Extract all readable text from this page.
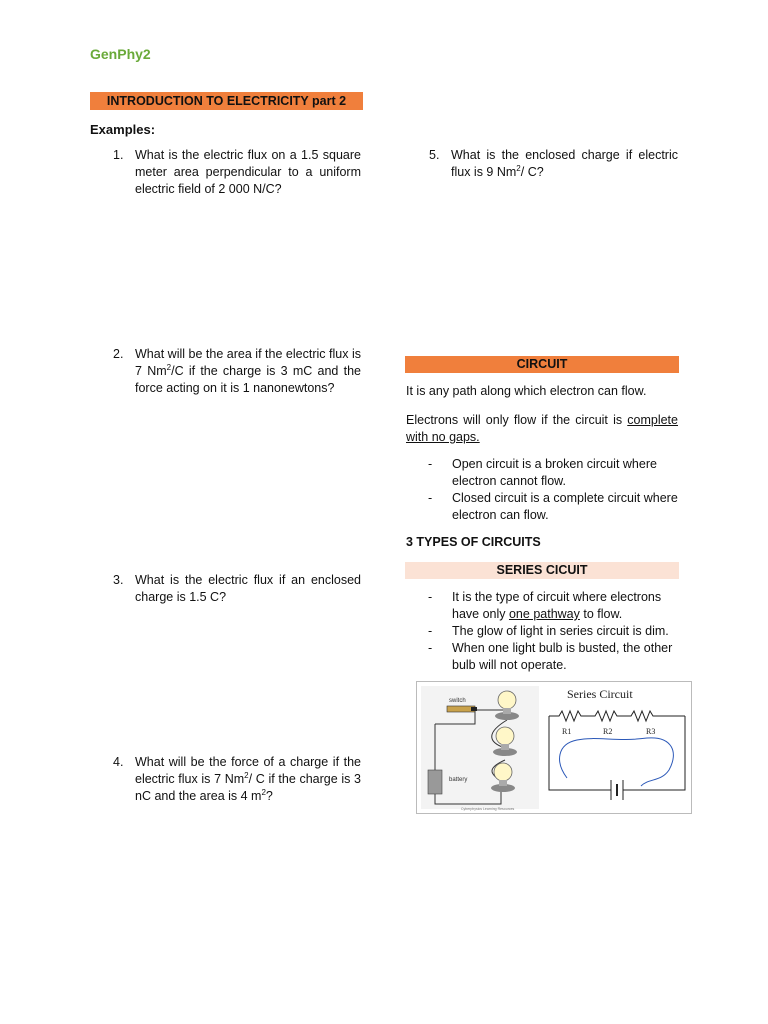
GenPhy2
INTRODUCTION TO ELECTRICITY part 2
Examples:
1. What is the electric flux on a 1.5 square meter area perpendicular to a uniform electric field of 2 000 N/C?
2. What will be the area if the electric flux is 7 Nm$^2$/C if the charge is 3 mC and the force acting on it is 1 nanonewtons?
3. What is the electric flux if an enclosed charge is 1.5 C?
4. What will be the force of a charge if the electric flux is 7 Nm$^2$/ C if the charge is 3 nC and the area is 4 $m^2$?
5. What is the enclosed charge if electric flux is 9 Nm$^2$/ C?
CIRCUIT
It is any path along which electron can flow.
Electrons will only flow if the circuit is complete with no gaps.
- Open circuit is a broken circuit where electron cannot flow.
- Closed circuit is a complete circuit where electron can flow.
3 TYPES OF CIRCUITS
SERIES CICUIT
- It is the type of circuit where electrons have only one pathway to flow.
- The glow of light in series circuit is dim.
- When one light bulb is busted, the other bulb will not operate.
battery
switch
Cyberphysics Learning Resources
Series Circuit
R1	R2	R3
